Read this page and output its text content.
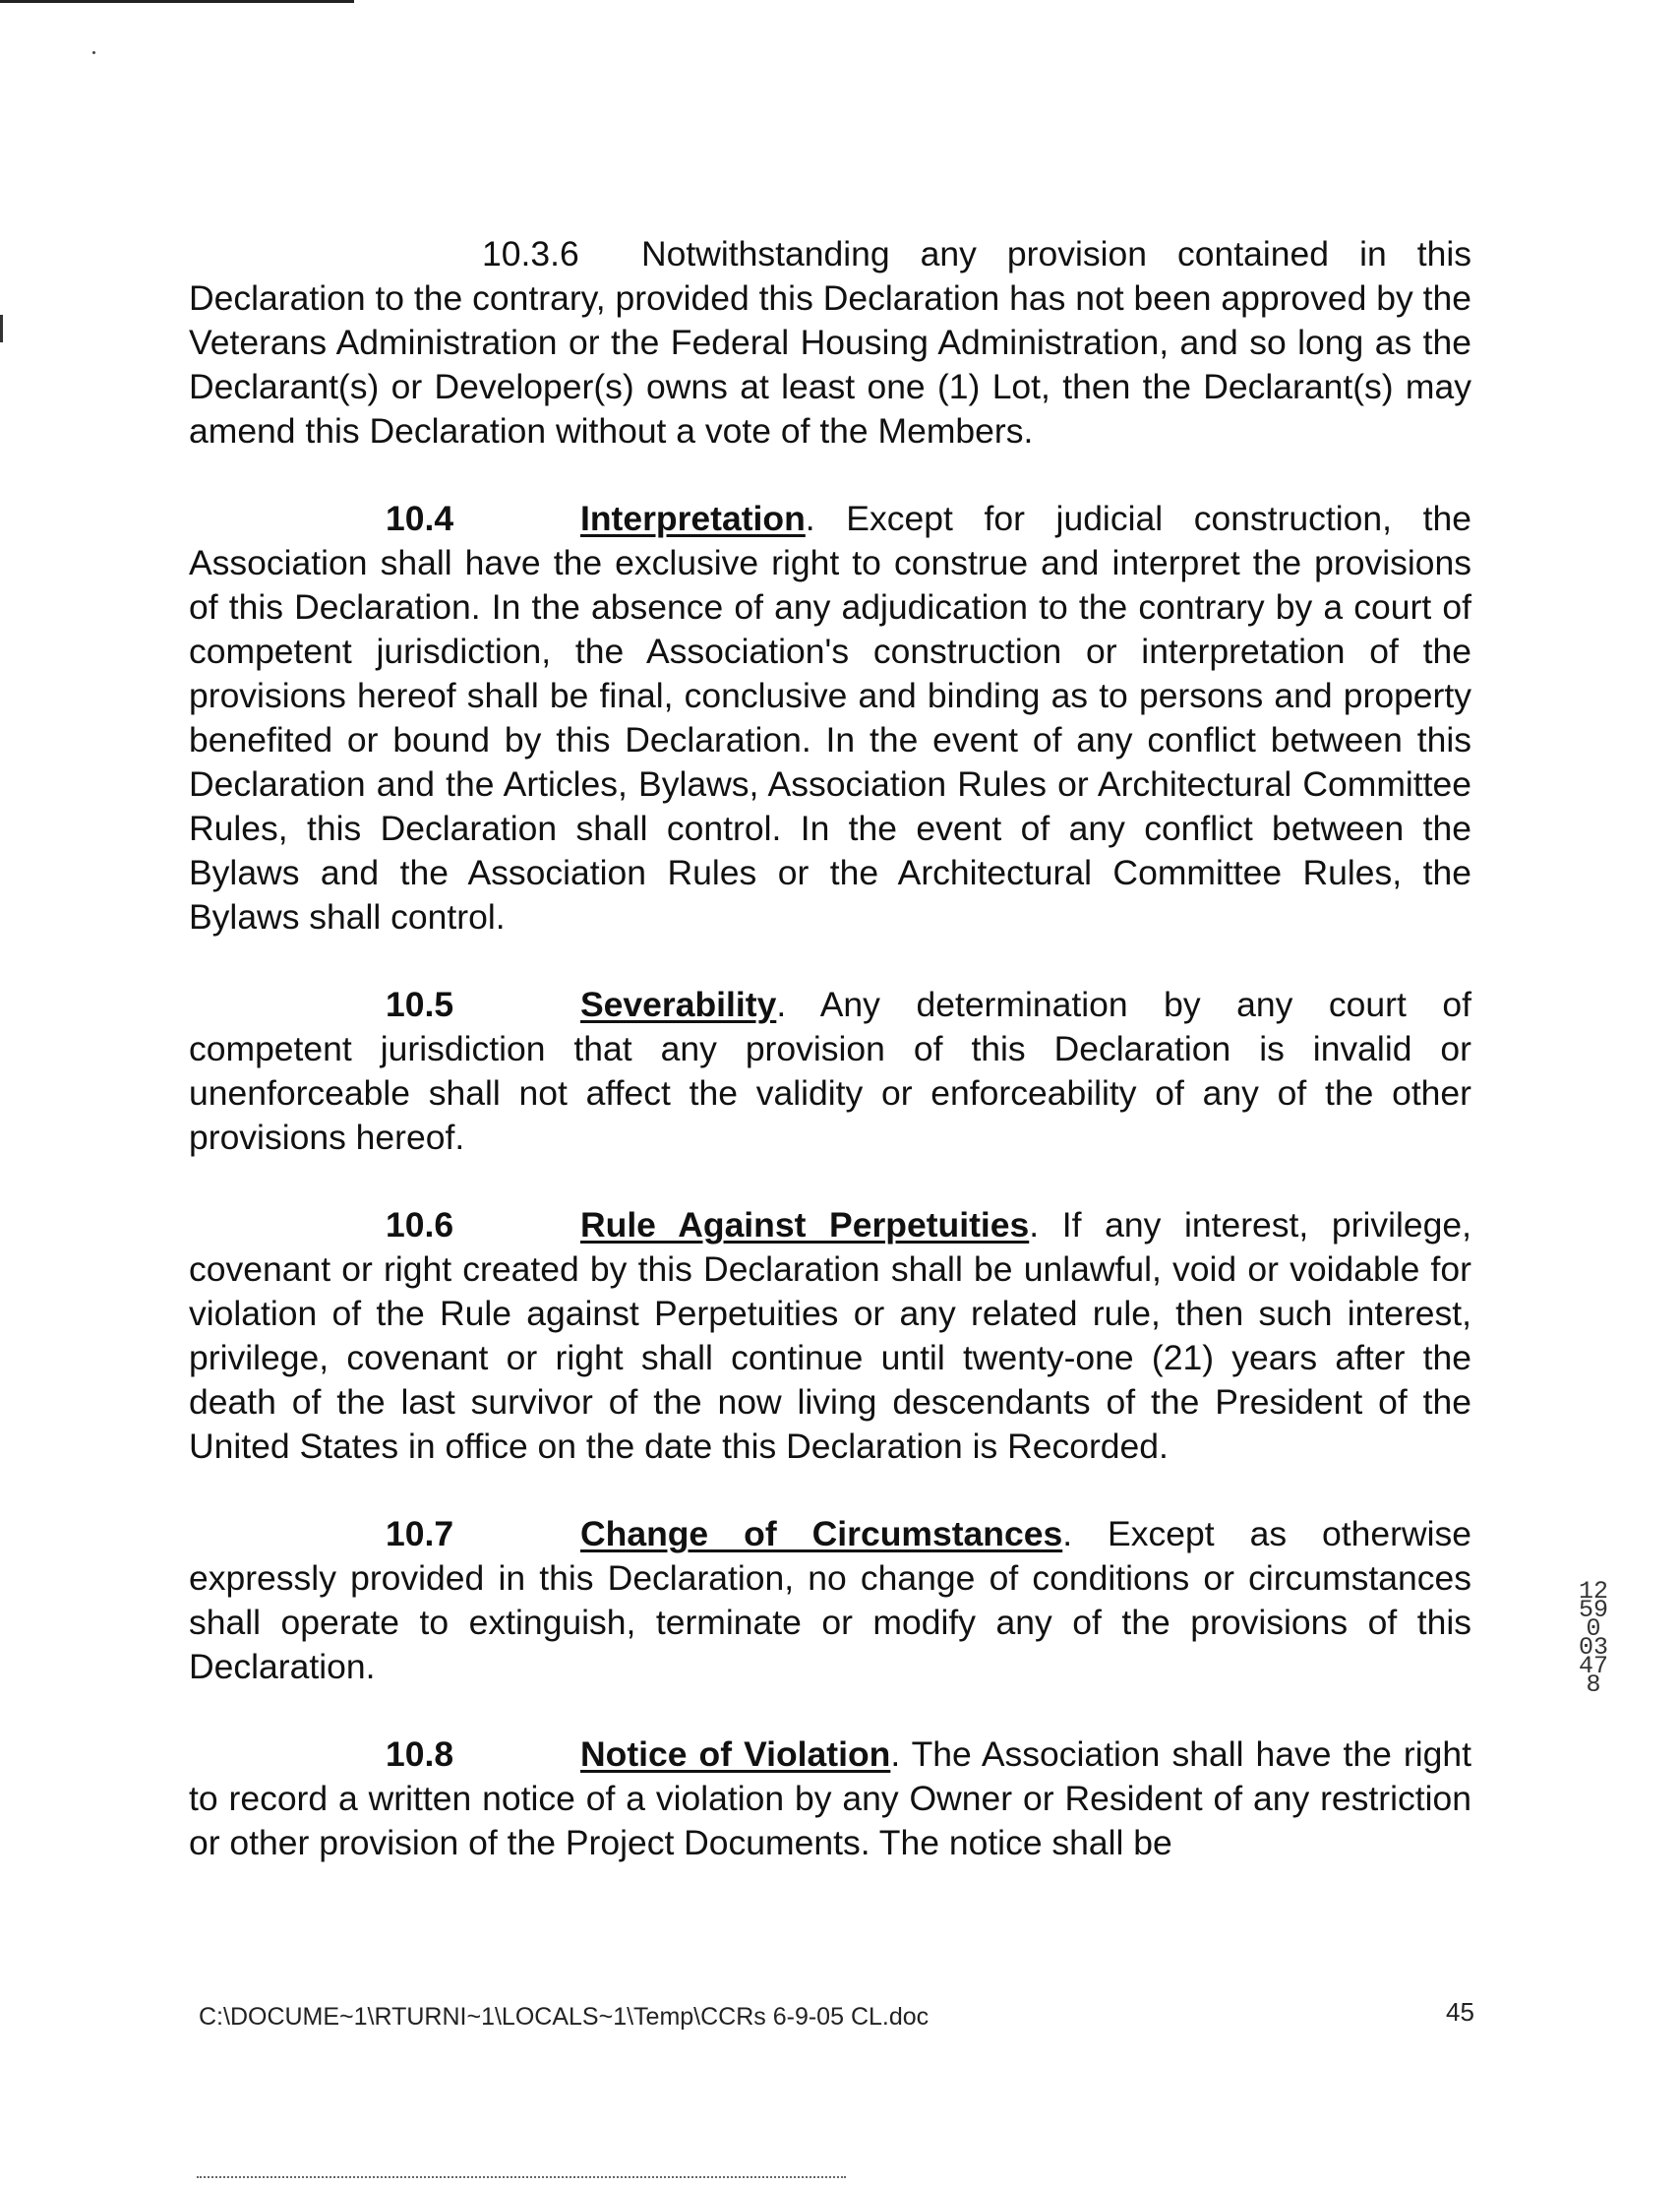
10.3.6 Notwithstanding any provision contained in this Declaration to the contrary, provided this Declaration has not been approved by the Veterans Administration or the Federal Housing Administration, and so long as the Declarant(s) or Developer(s) owns at least one (1) Lot, then the Declarant(s) may amend this Declaration without a vote of the Members.

10.4	Interpretation. Except for judicial construction, the Association shall have the exclusive right to construe and interpret the provisions of this Declaration. In the absence of any adjudication to the contrary by a court of competent jurisdiction, the Association's construction or interpretation of the provisions hereof shall be final, conclusive and binding as to persons and property benefited or bound by this Declaration. In the event of any conflict between this Declaration and the Articles, Bylaws, Association Rules or Architectural Committee Rules, this Declaration shall control. In the event of any conflict between the Bylaws and the Association Rules or the Architectural Committee Rules, the Bylaws shall control.

10.5	Severability. Any determination by any court of competent jurisdiction that any provision of this Declaration is invalid or unenforceable shall not affect the validity or enforceability of any of the other provisions hereof.

10.6	Rule Against Perpetuities. If any interest, privilege, covenant or right created by this Declaration shall be unlawful, void or voidable for violation of the Rule against Perpetuities or any related rule, then such interest, privilege, covenant or right shall continue until twenty-one (21) years after the death of the last survivor of the now living descendants of the President of the United States in office on the date this Declaration is Recorded.

10.7	Change of Circumstances. Except as otherwise expressly provided in this Declaration, no change of conditions or circumstances shall operate to extinguish, terminate or modify any of the provisions of this Declaration.

10.8	Notice of Violation. The Association shall have the right to record a written notice of a violation by any Owner or Resident of any restriction or other provision of the Project Documents. The notice shall be

12590 03478
C:\DOCUME~1\RTURNI~1\LOCALS~1\Temp\CCRs 6-9-05 CL.doc	45
